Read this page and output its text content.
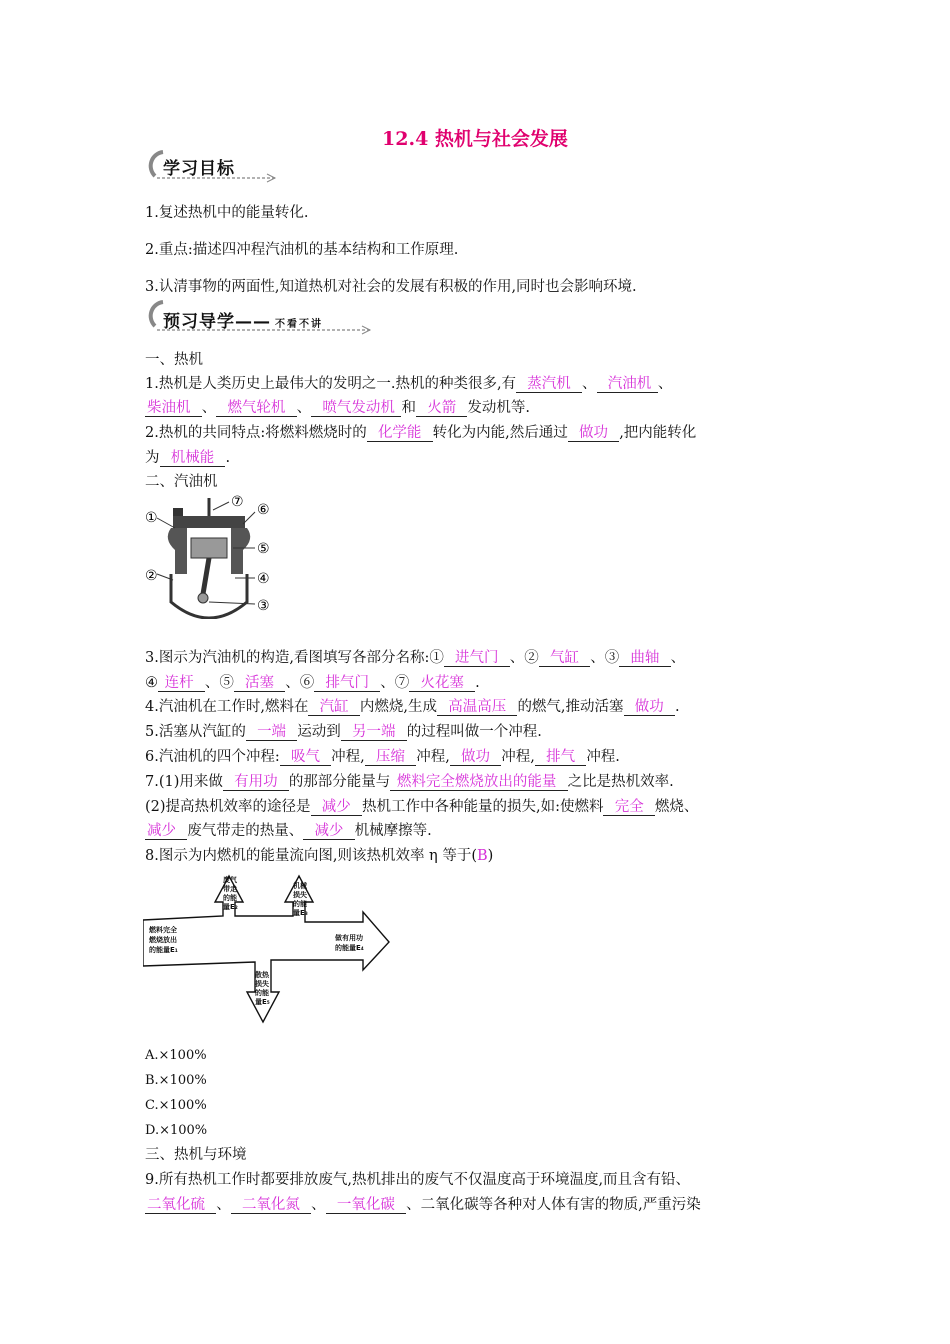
12.4 热机与社会发展
学习目标
1.复述热机中的能量转化.
2.重点:描述四冲程汽油机的基本结构和工作原理.
3.认清事物的两面性,知道热机对社会的发展有积极的作用,同时也会影响环境.
预习导学—— 不看不讲
一、热机
1.热机是人类历史上最伟大的发明之一.热机的种类很多,有 蒸汽机 、 汽油机 、
柴油机 、 燃气轮机 、 喷气发动机 和 火箭 发动机等.
2.热机的共同特点:将燃料燃烧时的 化学能 转化为内能,然后通过 做功 ,把内能转化
为 机械能 .
二、汽油机
①
②
③
④
⑤
⑥
⑦
3.图示为汽油机的构造,看图填写各部分名称:① 进气门 、② 气缸 、③ 曲轴 、
④ 连杆 、⑤ 活塞 、⑥ 排气门 、⑦ 火花塞 .
4.汽油机在工作时,燃料在 汽缸 内燃烧,生成 高温高压 的燃气,推动活塞 做功 .
5.活塞从汽缸的 一端 运动到 另一端 的过程叫做一个冲程.
6.汽油机的四个冲程: 吸气 冲程, 压缩 冲程, 做功 冲程, 排气 冲程.
7.(1)用来做 有用功 的那部分能量与 燃料完全燃烧放出的能量 之比是热机效率.
(2)提高热机效率的途径是 减少 热机工作中各种能量的损失,如:使燃料 完全 燃烧、
减少 废气带走的热量、 减少 机械摩擦等.
8.图示为内燃机的能量流向图,则该热机效率 η 等于(B)
燃料完全
燃烧放出
的能量E₁
废气
带走
的能
量E₂
机械
损失
的能
量E₃
做有用功
的能量E₄
散热
损失
的能
量E₅
A.×100%
B.×100%
C.×100%
D.×100%
三、热机与环境
9.所有热机工作时都要排放废气,热机排出的废气不仅温度高于环境温度,而且含有铅、
二氧化硫 、 二氧化氮 、 一氧化碳 、二氧化碳等各种对人体有害的物质,严重污染
